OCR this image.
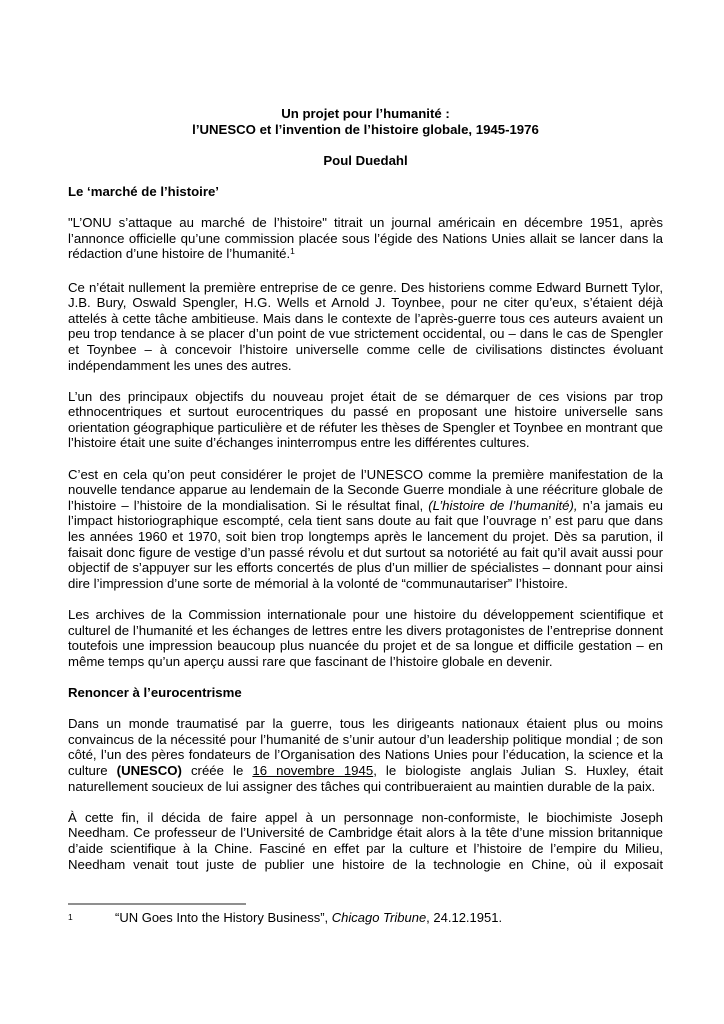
Un projet pour l’humanité :
l’UNESCO et l’invention de l’histoire globale, 1945-1976

Poul Duedahl

Le ‘marché de l’histoire’

"L’ONU s’attaque au marché de l’histoire" titrait un journal américain en décembre 1951, après l’annonce officielle qu’une commission placée sous l’égide des Nations Unies allait se lancer dans la rédaction d’une histoire de l’humanité.$^1$

Ce n’était nullement la première entreprise de ce genre. Des historiens comme Edward Burnett Tylor, J.B. Bury, Oswald Spengler, H.G. Wells et Arnold J. Toynbee, pour ne citer qu’eux, s’étaient déjà attelés à cette tâche ambitieuse. Mais dans le contexte de l’après-guerre tous ces auteurs avaient un peu trop tendance à se placer d’un point de vue strictement occidental, ou – dans le cas de Spengler et Toynbee – à concevoir l’histoire universelle comme celle de civilisations distinctes évoluant indépendamment les unes des autres.

L’un des principaux objectifs du nouveau projet était de se démarquer de ces visions par trop ethnocentriques et surtout eurocentriques du passé en proposant une histoire universelle sans orientation géographique particulière et de réfuter les thèses de Spengler et Toynbee en montrant que l’histoire était une suite d’échanges ininterrompus entre les différentes cultures.

C’est en cela qu’on peut considérer le projet de l’UNESCO comme la première manifestation de la nouvelle tendance apparue au lendemain de la Seconde Guerre mondiale à une réécriture globale de l’histoire – l’histoire de la mondialisation. Si le résultat final, (L’histoire de l’humanité), n’a jamais eu l’impact historiographique escompté, cela tient sans doute au fait que l’ouvrage n’ est paru que dans les années 1960 et 1970, soit bien trop longtemps après le lancement du projet. Dès sa parution, il faisait donc figure de vestige d’un passé révolu et dut surtout sa notoriété au fait qu’il avait aussi pour objectif de s’appuyer sur les efforts concertés de plus d’un millier de spécialistes – donnant pour ainsi dire l’impression d’une sorte de mémorial à la volonté de “communautariser” l’histoire.

Les archives de la Commission internationale pour une histoire du développement scientifique et culturel de l’humanité et les échanges de lettres entre les divers protagonistes de l’entreprise donnent toutefois une impression beaucoup plus nuancée du projet et de sa longue et difficile gestation – en même temps qu’un aperçu aussi rare que fascinant de l’histoire globale en devenir.

Renoncer à l’eurocentrisme

Dans un monde traumatisé par la guerre, tous les dirigeants nationaux étaient plus ou moins convaincus de la nécessité pour l’humanité de s’unir autour d’un leadership politique mondial ; de son côté, l’un des pères fondateurs de l’Organisation des Nations Unies pour l’éducation, la science et la culture (UNESCO) créée le 16 novembre 1945, le biologiste anglais Julian S. Huxley, était naturellement soucieux de lui assigner des tâches qui contribueraient au maintien durable de la paix.

À cette fin, il décida de faire appel à un personnage non-conformiste, le biochimiste Joseph Needham. Ce professeur de l’Université de Cambridge était alors à la tête d’une mission britannique d’aide scientifique à la Chine. Fasciné en effet par la culture et l’histoire de l’empire du Milieu, Needham venait tout juste de publier une histoire de la technologie en Chine, où il exposait

1	“UN Goes Into the History Business”, Chicago Tribune, 24.12.1951.
